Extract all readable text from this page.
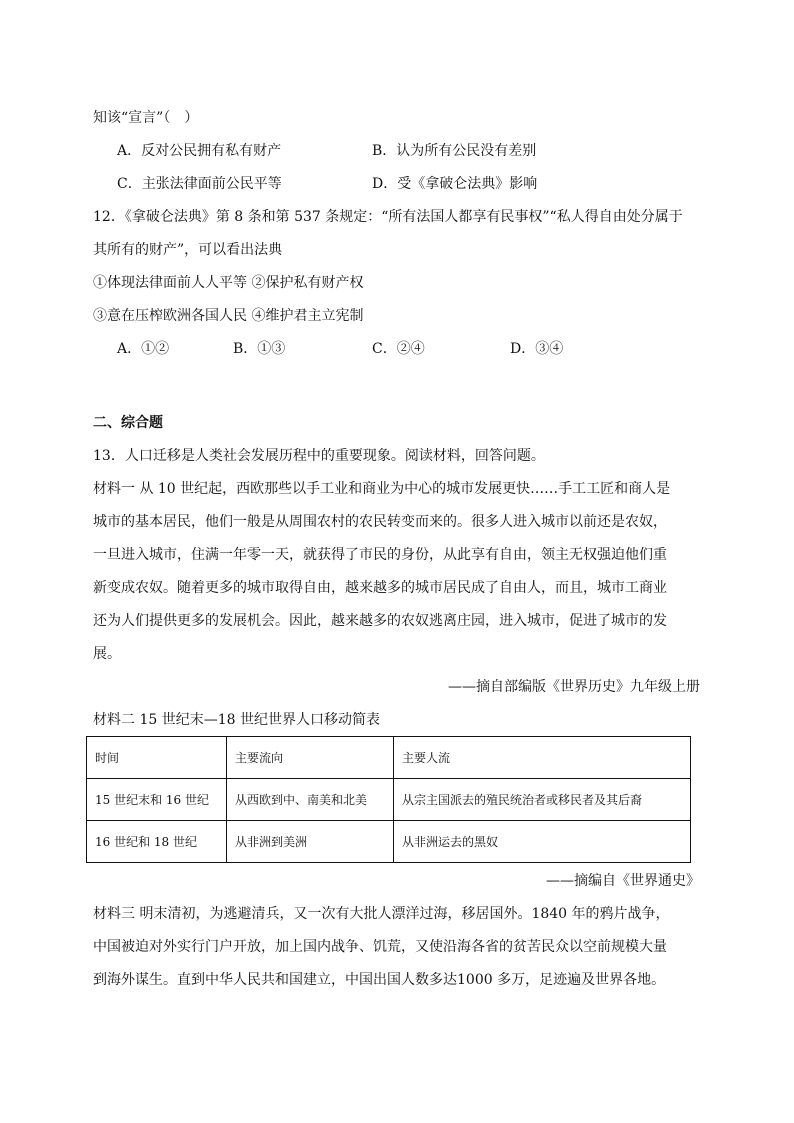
知该“宣言”（　）
A．反对公民拥有私有财产	B．认为所有公民没有差别
C．主张法律面前公民平等	D．受《拿破仑法典》影响
12．《拿破仑法典》第 8 条和第 537 条规定：“所有法国人都享有民事权”“私人得自由处分属于
其所有的财产”，可以看出法典
①体现法律面前人人平等 ②保护私有财产权
③意在压榨欧洲各国人民 ④维护君主立宪制
A．①②	B．①③	C．②④	D．③④
二、综合题
13．人口迁移是人类社会发展历程中的重要现象。阅读材料，回答问题。
材料一 从 10 世纪起，西欧那些以手工业和商业为中心的城市发展更快……手工工匠和商人是
城市的基本居民，他们一般是从周围农村的农民转变而来的。很多人进入城市以前还是农奴，
一旦进入城市，住满一年零一天，就获得了市民的身份，从此享有自由，领主无权强迫他们重
新变成农奴。随着更多的城市取得自由，越来越多的城市居民成了自由人，而且，城市工商业
还为人们提供更多的发展机会。因此，越来越多的农奴逃离庄园，进入城市，促进了城市的发
展。
——摘自部编版《世界历史》九年级上册
材料二 15 世纪末—18 世纪世界人口移动简表
时间	主要流向	主要人流
15 世纪末和 16 世纪	从西欧到中、南美和北美	从宗主国派去的殖民统治者或移民者及其后裔
16 世纪和 18 世纪	从非洲到美洲	从非洲运去的黑奴
——摘编自《世界通史》
材料三 明末清初，为逃避清兵，又一次有大批人漂洋过海，移居国外。1840 年的鸦片战争，
中国被迫对外实行门户开放，加上国内战争、饥荒，又使沿海各省的贫苦民众以空前规模大量
到海外谋生。直到中华人民共和国建立，中国出国人数多达1000 多万，足迹遍及世界各地。
